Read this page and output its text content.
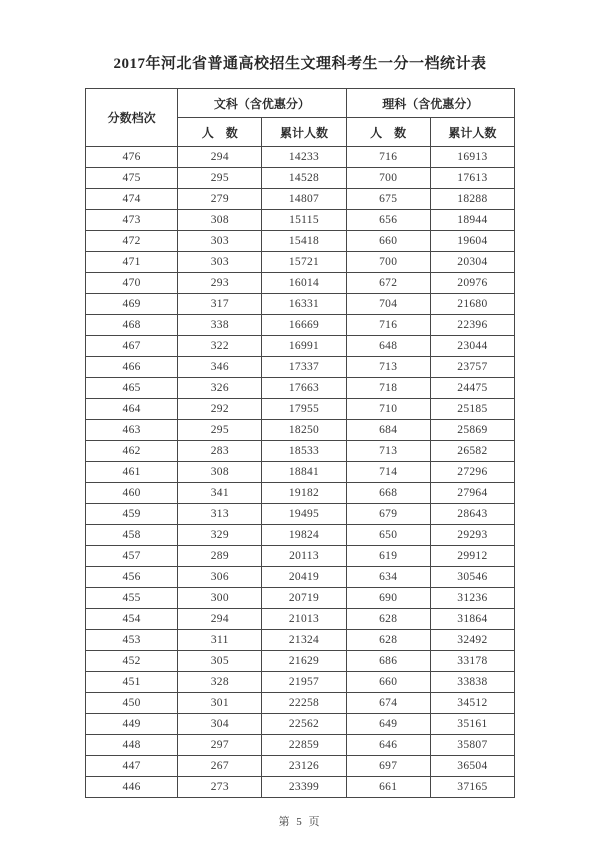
2017年河北省普通高校招生文理科考生一分一档统计表
分数档次	文科（含优惠分）		理科（含优惠分）	
	人　数	累计人数	人　数	累计人数
476	294	14233	716	16913
475	295	14528	700	17613
474	279	14807	675	18288
473	308	15115	656	18944
472	303	15418	660	19604
471	303	15721	700	20304
470	293	16014	672	20976
469	317	16331	704	21680
468	338	16669	716	22396
467	322	16991	648	23044
466	346	17337	713	23757
465	326	17663	718	24475
464	292	17955	710	25185
463	295	18250	684	25869
462	283	18533	713	26582
461	308	18841	714	27296
460	341	19182	668	27964
459	313	19495	679	28643
458	329	19824	650	29293
457	289	20113	619	29912
456	306	20419	634	30546
455	300	20719	690	31236
454	294	21013	628	31864
453	311	21324	628	32492
452	305	21629	686	33178
451	328	21957	660	33838
450	301	22258	674	34512
449	304	22562	649	35161
448	297	22859	646	35807
447	267	23126	697	36504
446	273	23399	661	37165
第 5 页
